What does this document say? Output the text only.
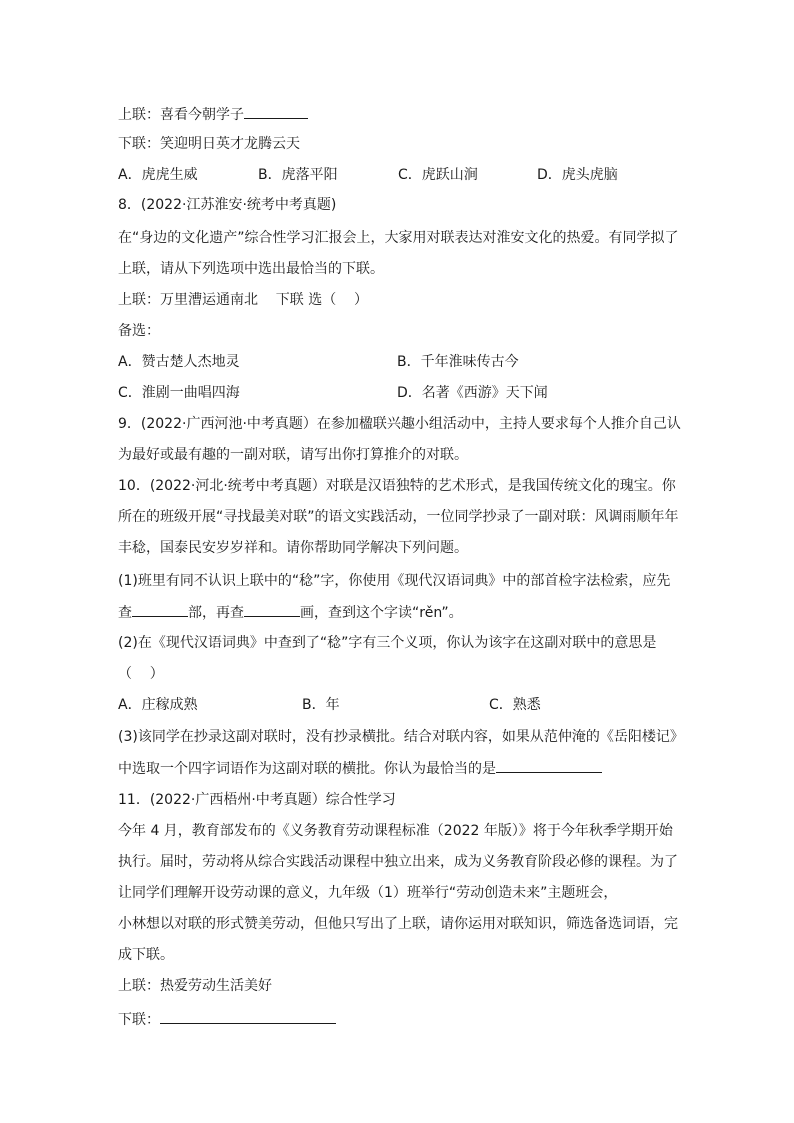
上联：喜看今朝学子
下联：笑迎明日英才龙腾云天
A．虎虎生威	B．虎落平阳	C．虎跃山涧	D．虎头虎脑
8．(2022·江苏淮安·统考中考真题)
在“身边的文化遗产”综合性学习汇报会上，大家用对联表达对淮安文化的热爱。有同学拟了
上联，请从下列选项中选出最恰当的下联。
上联：万里漕运通南北    下联 选（    ）
备选：
A．赞古楚人杰地灵	B．千年淮味传古今
C．淮剧一曲唱四海	D．名著《西游》天下闻
9．(2022·广西河池·中考真题）在参加楹联兴趣小组活动中，主持人要求每个人推介自己认
为最好或最有趣的一副对联，请写出你打算推介的对联。
10．(2022·河北·统考中考真题）对联是汉语独特的艺术形式，是我国传统文化的瑰宝。你
所在的班级开展“寻找最美对联”的语文实践活动，一位同学抄录了一副对联：风调雨顺年年
丰稔，国泰民安岁岁祥和。请你帮助同学解决下列问题。
(1)班里有同不认识上联中的“稔”字，你使用《现代汉语词典》中的部首检字法检索，应先
查	部，再查	画，查到这个字读“rěn”。
(2)在《现代汉语词典》中查到了“稔”字有三个义项，你认为该字在这副对联中的意思是
（    ）
A．庄稼成熟	B．年	C．熟悉
(3)该同学在抄录这副对联时，没有抄录横批。结合对联内容，如果从范仲淹的《岳阳楼记》
中选取一个四字词语作为这副对联的横批。你认为最恰当的是
11．(2022·广西梧州·中考真题）综合性学习
今年 4 月，教育部发布的《义务教育劳动课程标准（2022 年版）》将于今年秋季学期开始
执行。届时，劳动将从综合实践活动课程中独立出来，成为义务教育阶段必修的课程。为了
让同学们理解开设劳动课的意义，九年级（1）班举行“劳动创造未来”主题班会，
小林想以对联的形式赞美劳动，但他只写出了上联，请你运用对联知识，筛选备选词语，完
成下联。
上联：热爱劳动生活美好
下联：
